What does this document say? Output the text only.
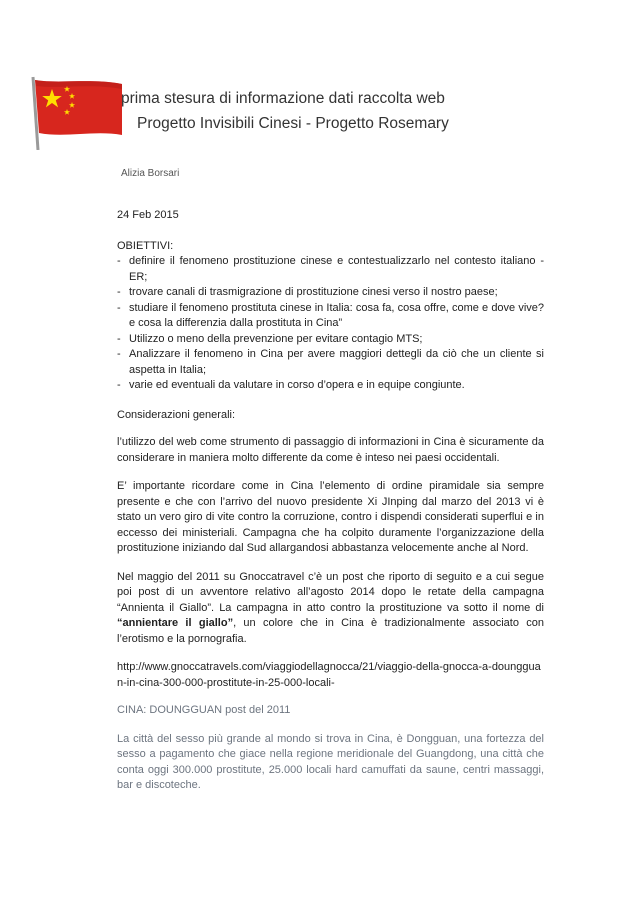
prima stesura di informazione dati raccolta web
Progetto Invisibili Cinesi - Progetto Rosemary
Alizia Borsari

24 Feb 2015

OBIETTIVI:

- definire il fenomeno prostituzione cinese e contestualizzarlo nel contesto italiano - ER;
- trovare canali di trasmigrazione di prostituzione cinesi verso il nostro paese;
- studiare il fenomeno prostituta cinese in Italia: cosa fa, cosa offre, come e dove vive? e cosa la differenzia dalla prostituta in Cina”
- Utilizzo o meno della prevenzione per evitare contagio MTS;
- Analizzare il fenomeno in Cina per avere maggiori dettegli da ciò che un cliente si aspetta in Italia;
- varie ed eventuali da valutare in corso d’opera e in equipe congiunte.

Considerazioni generali:

l’utilizzo del web come strumento di passaggio di informazioni in Cina è sicuramente da considerare in maniera molto differente da come è inteso nei paesi occidentali.

E’ importante ricordare come in Cina l’elemento di ordine piramidale sia sempre presente e che con l’arrivo del nuovo presidente Xi JInping dal marzo del 2013 vi è stato un vero giro di vite contro la corruzione, contro i dispendi considerati superflui e in eccesso dei ministeriali. Campagna che ha colpito duramente l’organizzazione della prostituzione iniziando dal Sud allargandosi abbastanza velocemente anche al Nord.

Nel maggio del 2011 su Gnoccatravel c’è un post che riporto di seguito e a cui segue poi post di un avventore relativo all’agosto 2014 dopo le retate della campagna “Annienta il Giallo”. La campagna in atto contro la prostituzione va sotto il nome di “annientare il giallo”, un colore che in Cina è tradizionalmente associato con l’erotismo e la pornografia.

http://www.gnoccatravels.com/viaggiodellagnocca/21/viaggio-della-gnocca-a-doungguan-in-cina-300-000-prostitute-in-25-000-locali-

CINA: DOUNGGUAN post del 2011

La città del sesso più grande al mondo si trova in Cina, è Dongguan, una fortezza del sesso a pagamento che giace nella regione meridionale del Guangdong, una città che conta oggi 300.000 prostitute, 25.000 locali hard camuffati da saune, centri massaggi, bar e discoteche.
